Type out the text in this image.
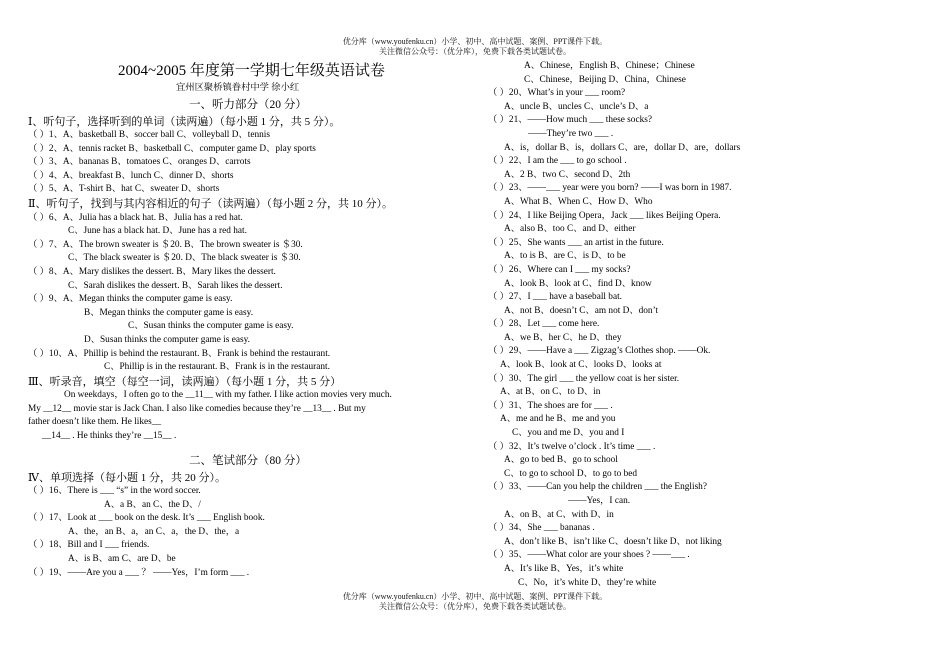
优分库（www.youfenku.cn）小学、初中、高中试题、案例、PPT课件下载。
关注微信公众号：（优分库），免费下载各类试题试卷。
2004~2005 年度第一学期七年级英语试卷
宜州区聚桥镇眷村中学 徐小红
一、听力部分（20 分）
Ⅰ、听句子，选择听到的单词（读两遍）（每小题 1 分，共 5 分）。
（ ）1、A、basketball B、soccer ball C、volleyball D、tennis
（ ）2、A、tennis racket B、basketball C、computer game D、play sports
（ ）3、A、bananas B、tomatoes C、oranges D、carrots
（ ）4、A、breakfast B、lunch C、dinner D、shorts
（ ）5、A、T-shirt B、hat C、sweater D、shorts
Ⅱ、听句子，找到与其内容相近的句子（读两遍）（每小题 2 分，共 10 分）。
（ ）6、A、Julia has a black hat. B、Julia has a red hat.
C、June has a black hat. D、June has a red hat.
（ ）7、A、The brown sweater is ＄20. B、The brown sweater is ＄30.
C、The black sweater is ＄20. D、The black sweater is ＄30.
（ ）8、A、Mary dislikes the dessert. B、Mary likes the dessert.
C、Sarah dislikes the dessert. B、Sarah likes the dessert.
（ ）9、A、Megan thinks the computer game is easy.
B、Megan thinks the computer game is easy.
C、Susan thinks the computer game is easy.
D、Susan thinks the computer game is easy.
（ ）10、A、Phillip is behind the restaurant. B、Frank is behind the restaurant.
C、Phillip is in the restaurant. B、Frank is in the restaurant.
Ⅲ、听录音，填空（每空一词，读两遍）（每小题 1 分，共 5 分）
On weekdays，I often go to the __11__ with my father. I like action movies very much.
My __12__ movie star is Jack Chan. I also like comedies because they’re __13__ . But my
father doesn’t like them. He likes__
__14__ . He thinks they’re __15__ .
二、笔试部分（80 分）
Ⅳ、单项选择（每小题 1 分，共 20 分）。
（ ）16、There is ___ “s” in the word soccer.
A、a B、an C、the D、/
（ ）17、Look at ___ book on the desk. It’s ___ English book.
A、the，an B、a，an C、a，the D、the，a
（ ）18、Bill and I ___ friends.
A、is B、am C、are D、be
（ ）19、——Are you a ___ ？ ——Yes，I’m form ___ .
A、Chinese，English B、Chinese；Chinese
C、Chinese，Beijing D、China，Chinese
（ ）20、What’s in your ___ room?
A、uncle B、uncles C、uncle’s D、a
（ ）21、——How much ___ these socks?
——They’re two ___ .
A、is，dollar B、is，dollars C、are，dollar D、are，dollars
（ ）22、I am the ___ to go school .
A、2 B、two C、second D、2th
（ ）23、——___ year were you born? ——I was born in 1987.
A、What B、When C、How D、Who
（ ）24、I like Beijing Opera，Jack ___ likes Beijing Opera.
A、also B、too C、and D、either
（ ）25、She wants ___ an artist in the future.
A、to is B、are C、is D、to be
（ ）26、Where can I ___ my socks?
A、look B、look at C、find D、know
（ ）27、I ___ have a baseball bat.
A、not B、doesn’t C、am not D、don’t
（ ）28、Let ___ come here.
A、we B、her C、he D、they
（ ）29、——Have a ___ Zigzag’s Clothes shop. ——Ok.
A、look B、look at C、looks D、looks at
（ ）30、The girl ___ the yellow coat is her sister.
A、at B、on C、to D、in
（ ）31、The shoes are for ___ .
A、me and he B、me and you
C、you and me D、you and I
（ ）32、It’s twelve o’clock . It’s time ___ .
A、go to bed B、go to school
C、to go to school D、to go to bed
（ ）33、——Can you help the children ___ the English?
——Yes，I can.
A、on B、at C、with D、in
（ ）34、She ___ bananas .
A、don’t like B、isn’t like C、doesn’t like D、not liking
（ ）35、——What color are your shoes ? ——___ .
A、It’s like B、Yes，it’s white
C、No，it’s white D、they’re white
优分库（www.youfenku.cn）小学、初中、高中试题、案例、PPT课件下载。
关注微信公众号：（优分库），免费下载各类试题试卷。
